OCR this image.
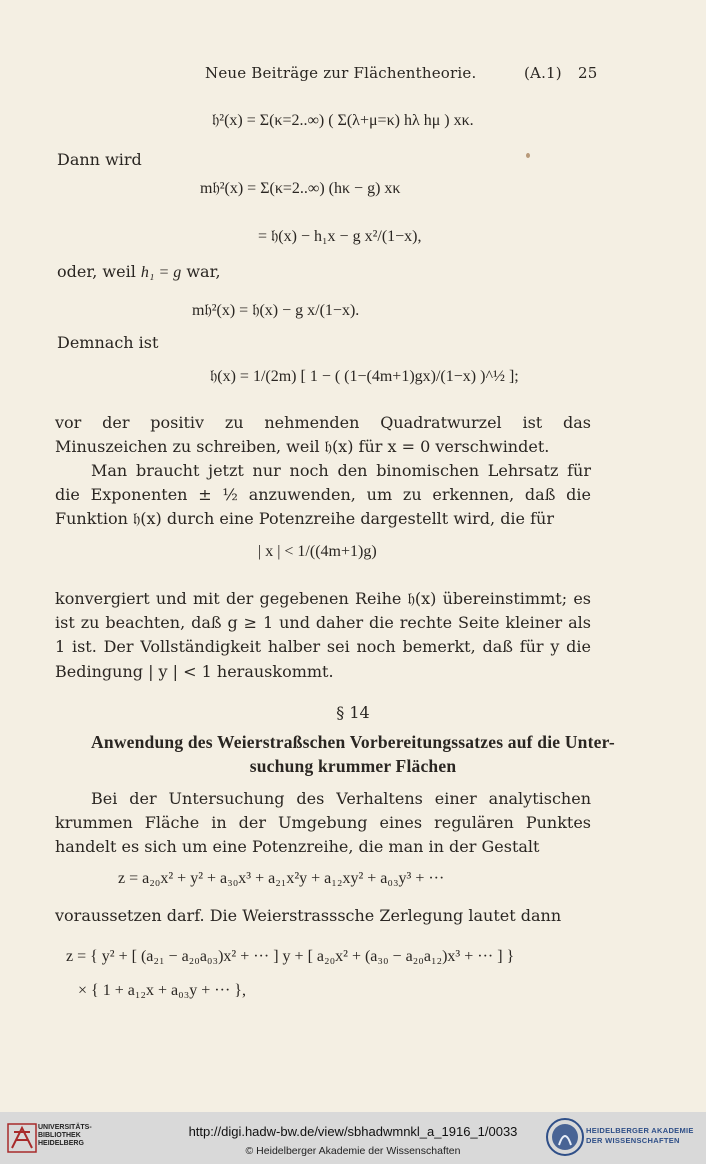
Neue Beiträge zur Flächentheorie.	(A.1) 25
𝔥²(x) = Σ(κ=2..∞) ( Σ(λ+μ=κ) hλ hμ ) xκ.
Dann wird
m𝔥²(x) = Σ(κ=2..∞) (hκ − g) xκ
= 𝔥(x) − h₁x − g x²/(1−x),
oder, weil h₁ = g war,
m𝔥²(x) = 𝔥(x) − g x/(1−x).
Demnach ist
𝔥(x) = 1/(2m) [ 1 − ( (1−(4m+1)gx)/(1−x) )^½ ];

vor der positiv zu nehmenden Quadratwurzel ist das Minuszeichen zu schreiben, weil 𝔥(x) für x = 0 verschwindet.

Man braucht jetzt nur noch den binomischen Lehrsatz für die Exponenten ± ½ anzuwenden, um zu erkennen, daß die Funktion 𝔥(x) durch eine Potenzreihe dargestellt wird, die für

| x | < 1/((4m+1)g)

konvergiert und mit der gegebenen Reihe 𝔥(x) übereinstimmt; es ist zu beachten, daß g ≥ 1 und daher die rechte Seite kleiner als 1 ist. Der Vollständigkeit halber sei noch bemerkt, daß für y die Bedingung | y | < 1 herauskommt.

§ 14
Anwendung des Weierstraßschen Vorbereitungssatzes auf die Unter-
suchung krummer Flächen

Bei der Untersuchung des Verhaltens einer analytischen krummen Fläche in der Umgebung eines regulären Punktes handelt es sich um eine Potenzreihe, die man in der Gestalt

z = a₂₀x² + y² + a₃₀x³ + a₂₁x²y + a₁₂xy² + a₀₃y³ + ···

voraussetzen darf. Die Weierstrasssche Zerlegung lautet dann

z = { y² + [ (a₂₁ − a₂₀a₀₃)x² + ··· ] y + [ a₂₀x² + (a₃₀ − a₂₀a₁₂)x³ + ··· ] }
× { 1 + a₁₂x + a₀₃y + ··· },
UNIVERSITÄTS-
BIBLIOTHEK
HEIDELBERG
http://digi.hadw-bw.de/view/sbhadwmnkl_a_1916_1/0033
© Heidelberger Akademie der Wissenschaften
HEIDELBERGER AKADEMIE
DER WISSENSCHAFTEN
